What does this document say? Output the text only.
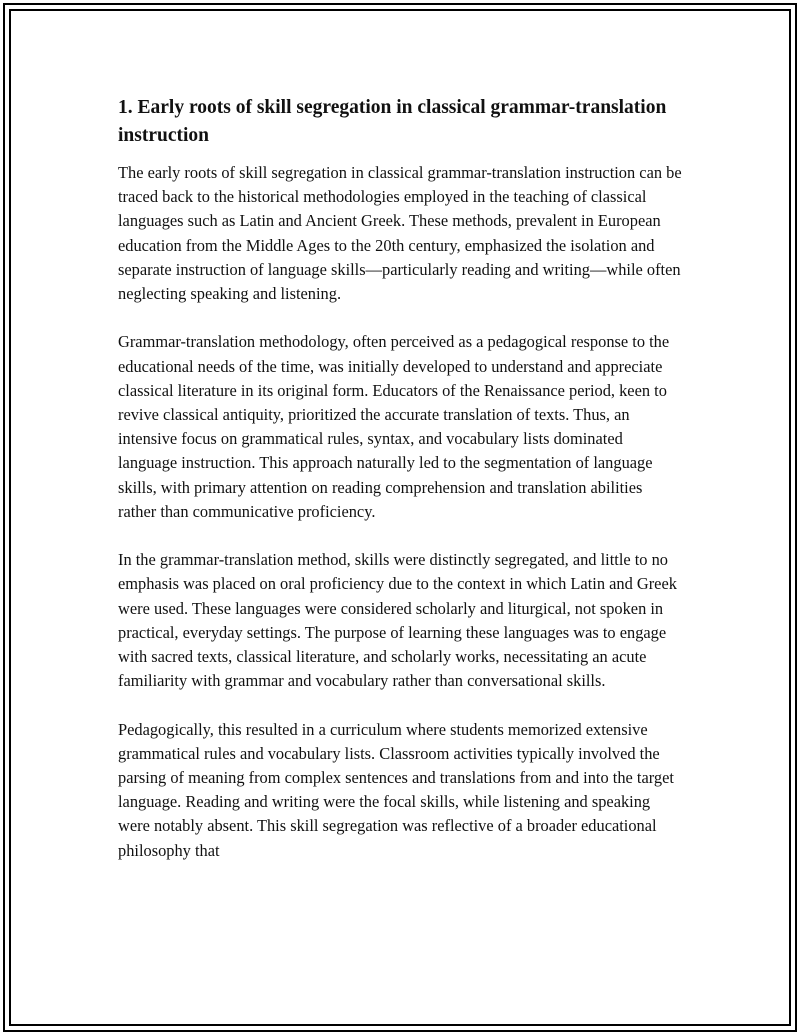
1. Early roots of skill segregation in classical grammar-translation instruction

The early roots of skill segregation in classical grammar-translation instruction can be traced back to the historical methodologies employed in the teaching of classical languages such as Latin and Ancient Greek. These methods, prevalent in European education from the Middle Ages to the 20th century, emphasized the isolation and separate instruction of language skills—particularly reading and writing—while often neglecting speaking and listening.

Grammar-translation methodology, often perceived as a pedagogical response to the educational needs of the time, was initially developed to understand and appreciate classical literature in its original form. Educators of the Renaissance period, keen to revive classical antiquity, prioritized the accurate translation of texts. Thus, an intensive focus on grammatical rules, syntax, and vocabulary lists dominated language instruction. This approach naturally led to the segmentation of language skills, with primary attention on reading comprehension and translation abilities rather than communicative proficiency.

In the grammar-translation method, skills were distinctly segregated, and little to no emphasis was placed on oral proficiency due to the context in which Latin and Greek were used. These languages were considered scholarly and liturgical, not spoken in practical, everyday settings. The purpose of learning these languages was to engage with sacred texts, classical literature, and scholarly works, necessitating an acute familiarity with grammar and vocabulary rather than conversational skills.

Pedagogically, this resulted in a curriculum where students memorized extensive grammatical rules and vocabulary lists. Classroom activities typically involved the parsing of meaning from complex sentences and translations from and into the target language. Reading and writing were the focal skills, while listening and speaking were notably absent. This skill segregation was reflective of a broader educational philosophy that
